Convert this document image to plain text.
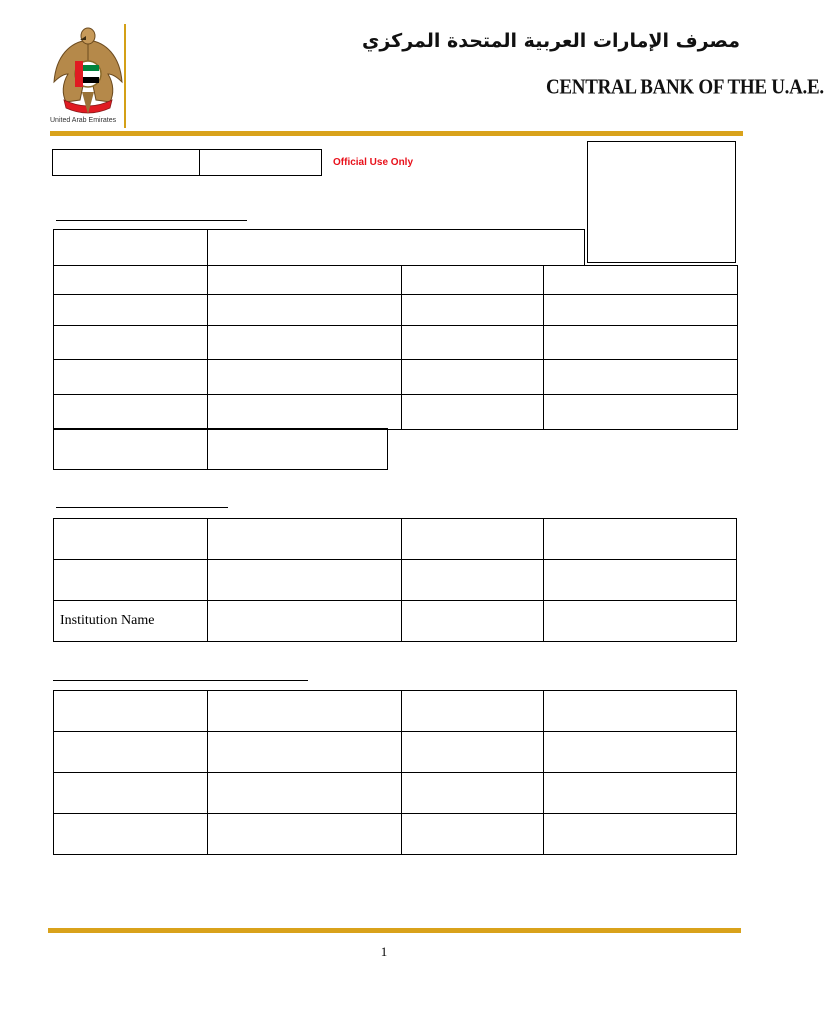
United Arab Emirates
مصرف الإمارات العربية المتحدة المركزي
CENTRAL BANK OF THE U.A.E.

Official Use Only

Institution Name			

1
